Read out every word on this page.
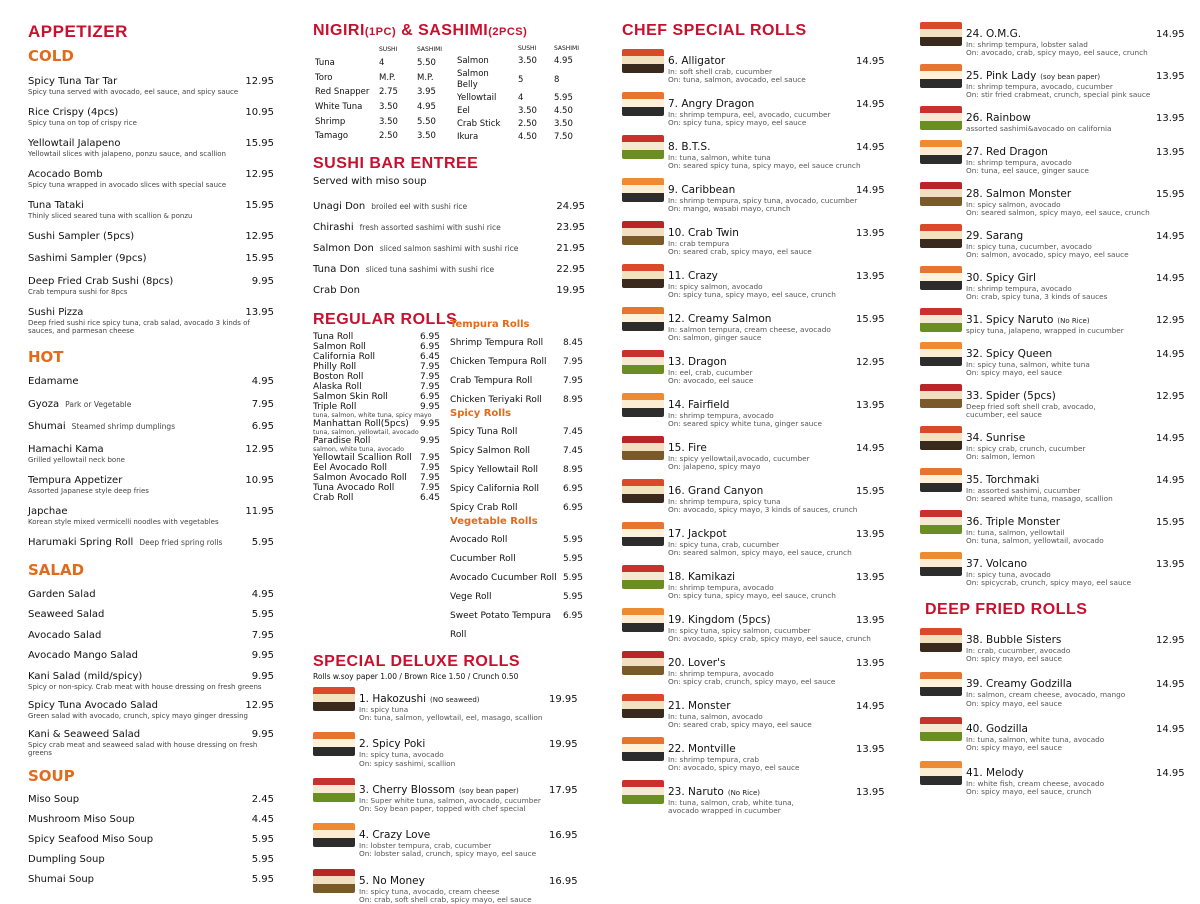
APPETIZER
COLD
Spicy Tuna Tar Tar	12.95
Spicy tuna served with avocado, eel sauce, and spicy sauce
Rice Crispy (4pcs)	10.95
Spicy tuna on top of crispy rice
Yellowtail Jalapeno	15.95
Yellowtail slices with jalapeno, ponzu sauce, and scallion
Acocado Bomb	12.95
Spicy tuna wrapped in avocado slices with special sauce
Tuna Tataki	15.95
Thinly sliced seared tuna with scallion & ponzu
Sushi Sampler (5pcs)	12.95
Sashimi Sampler (9pcs)	15.95
Deep Fried Crab Sushi (8pcs)	9.95
Crab tempura sushi for 8pcs
Sushi Pizza	13.95
Deep fried sushi rice spicy tuna, crab salad, avocado 3 kinds of sauces, and parmesan cheese
HOT
Edamame	4.95
Gyoza Park or Vegetable	7.95
Shumai Steamed shrimp dumplings	6.95
Hamachi Kama	12.95
Grilled yellowtail neck bone
Tempura Appetizer	10.95
Assorted Japanese style deep fries
Japchae	11.95
Korean style mixed vermicelli noodles with vegetables
Harumaki Spring Roll Deep fried spring rolls	5.95
SALAD
Garden Salad	4.95
Seaweed Salad	5.95
Avocado Salad	7.95
Avocado Mango Salad	9.95
Kani Salad (mild/spicy)	9.95
Spicy or non-spicy. Crab meat with house dressing on fresh greens
Spicy Tuna Avocado Salad	12.95
Green salad with avocado, crunch, spicy mayo ginger dressing
Kani & Seaweed Salad	9.95
Spicy crab meat and seaweed salad with house dressing on fresh greens
SOUP
Miso Soup	2.45
Mushroom Miso Soup	4.45
Spicy Seafood Miso Soup	5.95
Dumpling Soup	5.95
Shumai Soup	5.95
NIGIRI(1PC) & SASHIMI(2PCS)
	SUSHI	SASHIMI
Tuna	4	5.50
Toro	M.P.	M.P.
Red Snapper	2.75	3.95
White Tuna	3.50	4.95
Shrimp	3.50	5.50
Tamago	2.50	3.50
	SUSHI	SASHIMI
Salmon	3.50	4.95
Salmon Belly	5	8
Yellowtail	4	5.95
Eel	3.50	4.50
Crab Stick	2.50	3.50
Ikura	4.50	7.50
SUSHI BAR ENTREE
Served with miso soup
Unagi Don broiled eel with sushi rice	24.95
Chirashi fresh assorted sashimi with sushi rice	23.95
Salmon Don sliced salmon sashimi with sushi rice	21.95
Tuna Don sliced tuna sashimi with sushi rice	22.95
Crab Don	19.95
REGULAR ROLLS
Tuna Roll	6.95
Salmon Roll	6.95
California Roll	6.45
Philly Roll	7.95
Boston Roll	7.95
Alaska Roll	7.95
Salmon Skin Roll	6.95
Triple Roll	9.95
tuna, salmon, white tuna, spicy mayo
Manhattan Roll(5pcs) 9.95
tuna, salmon, yellowtail, avocado
Paradise Roll	9.95
salmon, white tuna, avocado
Yellowtail Scallion Roll 7.95
Eel Avocado Roll	7.95
Salmon Avocado Roll 7.95
Tuna Avocado Roll	7.95
Crab Roll	6.45
Tempura Rolls
Shrimp Tempura Roll 8.45
Chicken Tempura Roll 7.95
Crab Tempura Roll	7.95
Chicken Teriyaki Roll 8.95
Spicy Rolls
Spicy Tuna Roll	7.45
Spicy Salmon Roll	7.45
Spicy Yellowtail Roll	8.95
Spicy California Roll	6.95
Spicy Crab Roll	6.95
Vegetable Rolls
Avocado Roll	5.95
Cucumber Roll	5.95
Avocado Cucumber Roll 5.95
Vege Roll	5.95
Sweet Potato Tempura Roll
6.95
SPECIAL DELUXE ROLLS
Rolls w.soy paper 1.00 / Brown Rice 1.50 / Crunch 0.50
1. Hakozushi (NO seaweed)	19.95
In: spicy tuna
On: tuna, salmon, yellowtail, eel, masago, scallion
2. Spicy Poki	19.95
In: spicy tuna, avocado
On: spicy sashimi, scallion
3. Cherry Blossom (soy bean paper)	17.95
In: Super white tuna, salmon, avocado, cucumber
On: Soy bean paper, topped with chef special
4. Crazy Love	16.95
In: lobster tempura, crab, cucumber
On: lobster salad, crunch, spicy mayo, eel sauce
5. No Money	16.95
In: spicy tuna, avocado, cream cheese
On: crab, soft shell crab, spicy mayo, eel sauce
CHEF SPECIAL ROLLS
6. Alligator	14.95
In: soft shell crab, cucumber
On: tuna, salmon, avocado, eel sauce
7. Angry Dragon	14.95
In: shrimp tempura, eel, avocado, cucumber
On: spicy tuna, spicy mayo, eel sauce
8. B.T.S.	14.95
In: tuna, salmon, white tuna
On: seared spicy tuna, spicy mayo, eel sauce crunch
9. Caribbean	14.95
In: shrimp tempura, spicy tuna, avocado, cucumber
On: mango, wasabi mayo, crunch
10. Crab Twin	13.95
In: crab tempura
On: seared crab, spicy mayo, eel sauce
11. Crazy	13.95
In: spicy salmon, avocado
On: spicy tuna, spicy mayo, eel sauce, crunch
12. Creamy Salmon	15.95
In: salmon tempura, cream cheese, avocado
On: salmon, ginger sauce
13. Dragon	12.95
In: eel, crab, cucumber
On: avocado, eel sauce
14. Fairfield	13.95
In: shrimp tempura, avocado
On: seared spicy white tuna, ginger sauce
15. Fire	14.95
In: spicy yellowtail,avocado, cucumber
On: jalapeno, spicy mayo
16. Grand Canyon	15.95
In: shrimp tempura, spicy tuna
On: avocado, spicy mayo, 3 kinds of sauces, crunch
17. Jackpot	13.95
In: spicy tuna, crab, cucumber
On: seared salmon, spicy mayo, eel sauce, crunch
18. Kamikazi	13.95
In: shrimp tempura, avocado
On: spicy tuna, spicy mayo, eel sauce, crunch
19. Kingdom (5pcs)	13.95
In: spicy tuna, spicy salmon, cucumber
On: avocado, spicy crab, spicy mayo, eel sauce, crunch
20. Lover's	13.95
In: shrimp tempura, avocado
On: spicy crab, crunch, spicy mayo, eel sauce
21. Monster	14.95
In: tuna, salmon, avocado
On: seared crab, spicy mayo, eel sauce
22. Montville	13.95
In: shrimp tempura, crab
On: avocado, spicy mayo, eel sauce
23. Naruto (No Rice)	13.95
In: tuna, salmon, crab, white tuna,
avocado wrapped in cucumber
24. O.M.G.	14.95
In: shrimp tempura, lobster salad
On: avocado, crab, spicy mayo, eel sauce, crunch
25. Pink Lady (soy bean paper)	13.95
In: shrimp tempura, avocado, cucumber
On: stir fried crabmeat, crunch, special pink sauce
26. Rainbow	13.95
assorted sashimi&avocado on california
27. Red Dragon	13.95
In: shrimp tempura, avocado
On: tuna, eel sauce, ginger sauce
28. Salmon Monster	15.95
In: spicy salmon, avocado
On: seared salmon, spicy mayo, eel sauce, crunch
29. Sarang	14.95
In: spicy tuna, cucumber, avocado
On: salmon, avocado, spicy mayo, eel sauce
30. Spicy Girl	14.95
In: shrimp tempura, avocado
On: crab, spicy tuna, 3 kinds of sauces
31. Spicy Naruto (No Rice)	12.95
spicy tuna, jalapeno, wrapped in cucumber
32. Spicy Queen	14.95
In: spicy tuna, salmon, white tuna
On: spicy mayo, eel sauce
33. Spider (5pcs)	12.95
Deep fried soft shell crab, avocado,
cucumber, eel sauce
34. Sunrise	14.95
In: spicy crab, crunch, cucumber
On: salmon, lemon
35. Torchmaki	14.95
In: assorted sashimi, cucumber
On: seared white tuna, masago, scallion
36. Triple Monster	15.95
In: tuna, salmon, yellowtail
On: tuna, salmon, yellowtail, avocado
37. Volcano	13.95
In: spicy tuna, avocado
On: spicycrab, crunch, spicy mayo, eel sauce
DEEP FRIED ROLLS
38. Bubble Sisters	12.95
In: crab, cucumber, avocado
On: spicy mayo, eel sauce
39. Creamy Godzilla	14.95
In: salmon, cream cheese, avocado, mango
On: spicy mayo, eel sauce
40. Godzilla	14.95
In: tuna, salmon, white tuna, avocado
On: spicy mayo, eel sauce
41. Melody	14.95
In: white fish, cream cheese, avocado
On: spicy mayo, eel sauce, crunch
